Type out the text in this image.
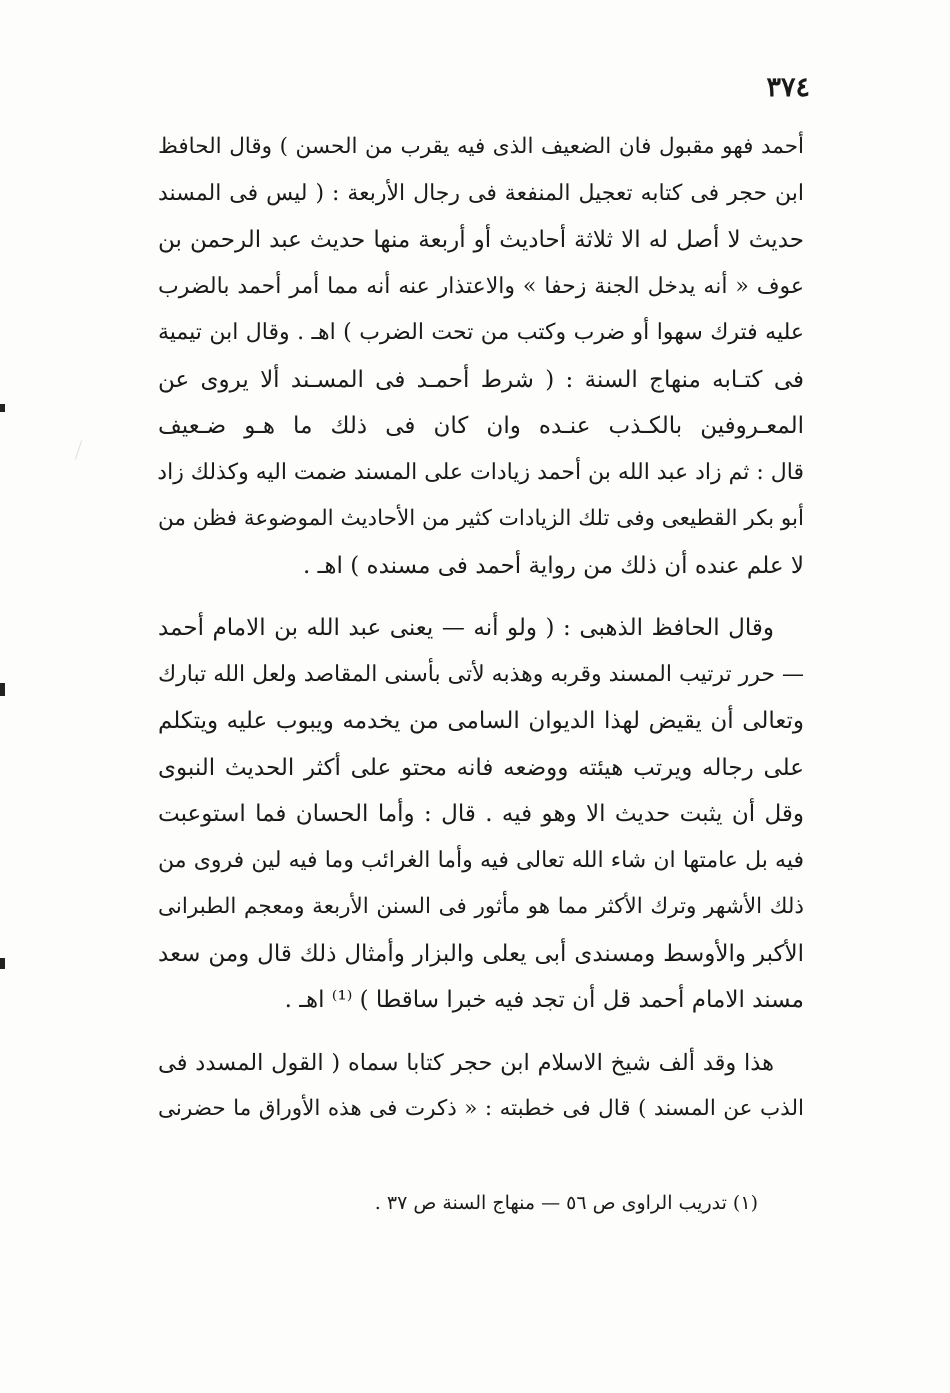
٣٧٤
أحمد فهو مقبول فان الضعيف الذى فيه يقرب من الحسن ) وقال الحافظ
ابن حجر فى كتابه تعجيل المنفعة فى رجال الأربعة : ( ليس فى المسند
حديث لا أصل له الا ثلاثة أحاديث أو أربعة منها حديث عبد الرحمن بن
عوف « أنه يدخل الجنة زحفا » والاعتذار عنه أنه مما أمر أحمد بالضرب
عليه فترك سهوا أو ضرب وكتب من تحت الضرب ) اهـ . وقال ابن تيمية
فى كتـابه منهاج السنة : ( شرط أحمـد فى المسـند ألا يروى عن
المعـروفين بالكـذب عنـده وان كان فى ذلك ما هـو ضـعيف
قال : ثم زاد عبد الله بن أحمد زيادات على المسند ضمت اليه وكذلك زاد
أبو بكر القطيعى وفى تلك الزيادات كثير من الأحاديث الموضوعة فظن من
لا علم عنده أن ذلك من رواية أحمد فى مسنده ) اهـ .
وقال الحافظ الذهبى : ( ولو أنه — يعنى عبد الله بن الامام أحمد
— حرر ترتيب المسند وقربه وهذبه لأتى بأسنى المقاصد ولعل الله تبارك
وتعالى أن يقيض لهذا الديوان السامى من يخدمه ويبوب عليه ويتكلم
على رجاله ويرتب هيئته ووضعه فانه محتو على أكثر الحديث النبوى
وقل أن يثبت حديث الا وهو فيه . قال : وأما الحسان فما استوعبت
فيه بل عامتها ان شاء الله تعالى فيه وأما الغرائب وما فيه لين فروى من
ذلك الأشهر وترك الأكثر مما هو مأثور فى السنن الأربعة ومعجم الطبرانى
الأكبر والأوسط ومسندى أبى يعلى والبزار وأمثال ذلك قال ومن سعد
مسند الامام أحمد قل أن تجد فيه خبرا ساقطا ) ⁽¹⁾ اهـ .
هذا وقد ألف شيخ الاسلام ابن حجر كتابا سماه ( القول المسدد فى
الذب عن المسند ) قال فى خطبته : « ذكرت فى هذه الأوراق ما حضرنى
(١) تدريب الراوى ص ٥٦ — منهاج السنة ص ٣٧ .
